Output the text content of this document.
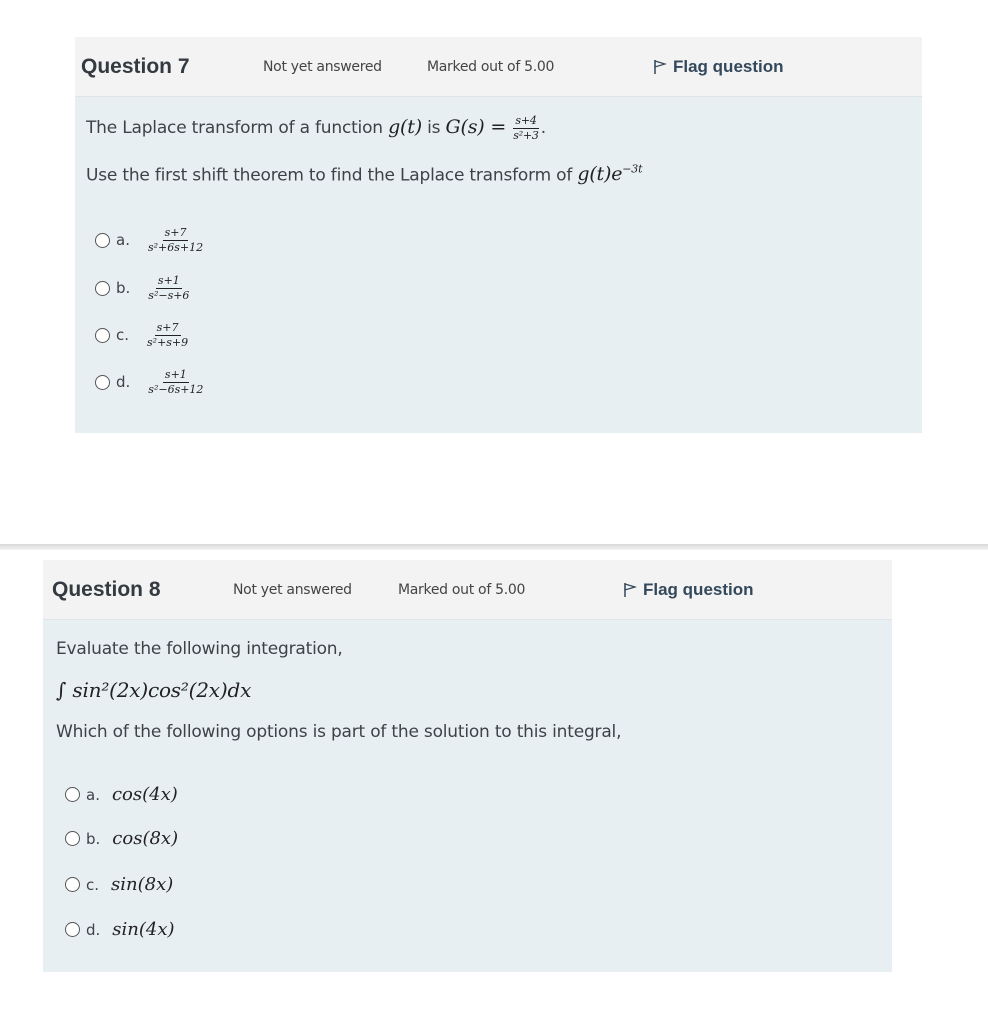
Question 7	Not yet answered	Marked out of 5.00	Flag question
The Laplace transform of a function g(t) is $G(s) = \frac{s+4}{\text{s²+3}}$ .
Use the first shift theorem to find the Laplace transform of $g(t)e^{-3t}$
a. $\frac{s+7}{\text{s²+6s+12}}$
b. $\frac{s+1}{\text{s²−s+6}}$
c. $\frac{s+7}{\text{s²+s+9}}$
d. $\frac{s+1}{\text{s²−6s+12}}$
Question 8	Not yet answered	Marked out of 5.00	Flag question
Evaluate the following integration,
∫ sin²(2x)cos²(2x)dx
Which of the following options is part of the solution to this integral,
a. cos(4x)
b. cos(8x)
c. sin(8x)
d. sin(4x)
